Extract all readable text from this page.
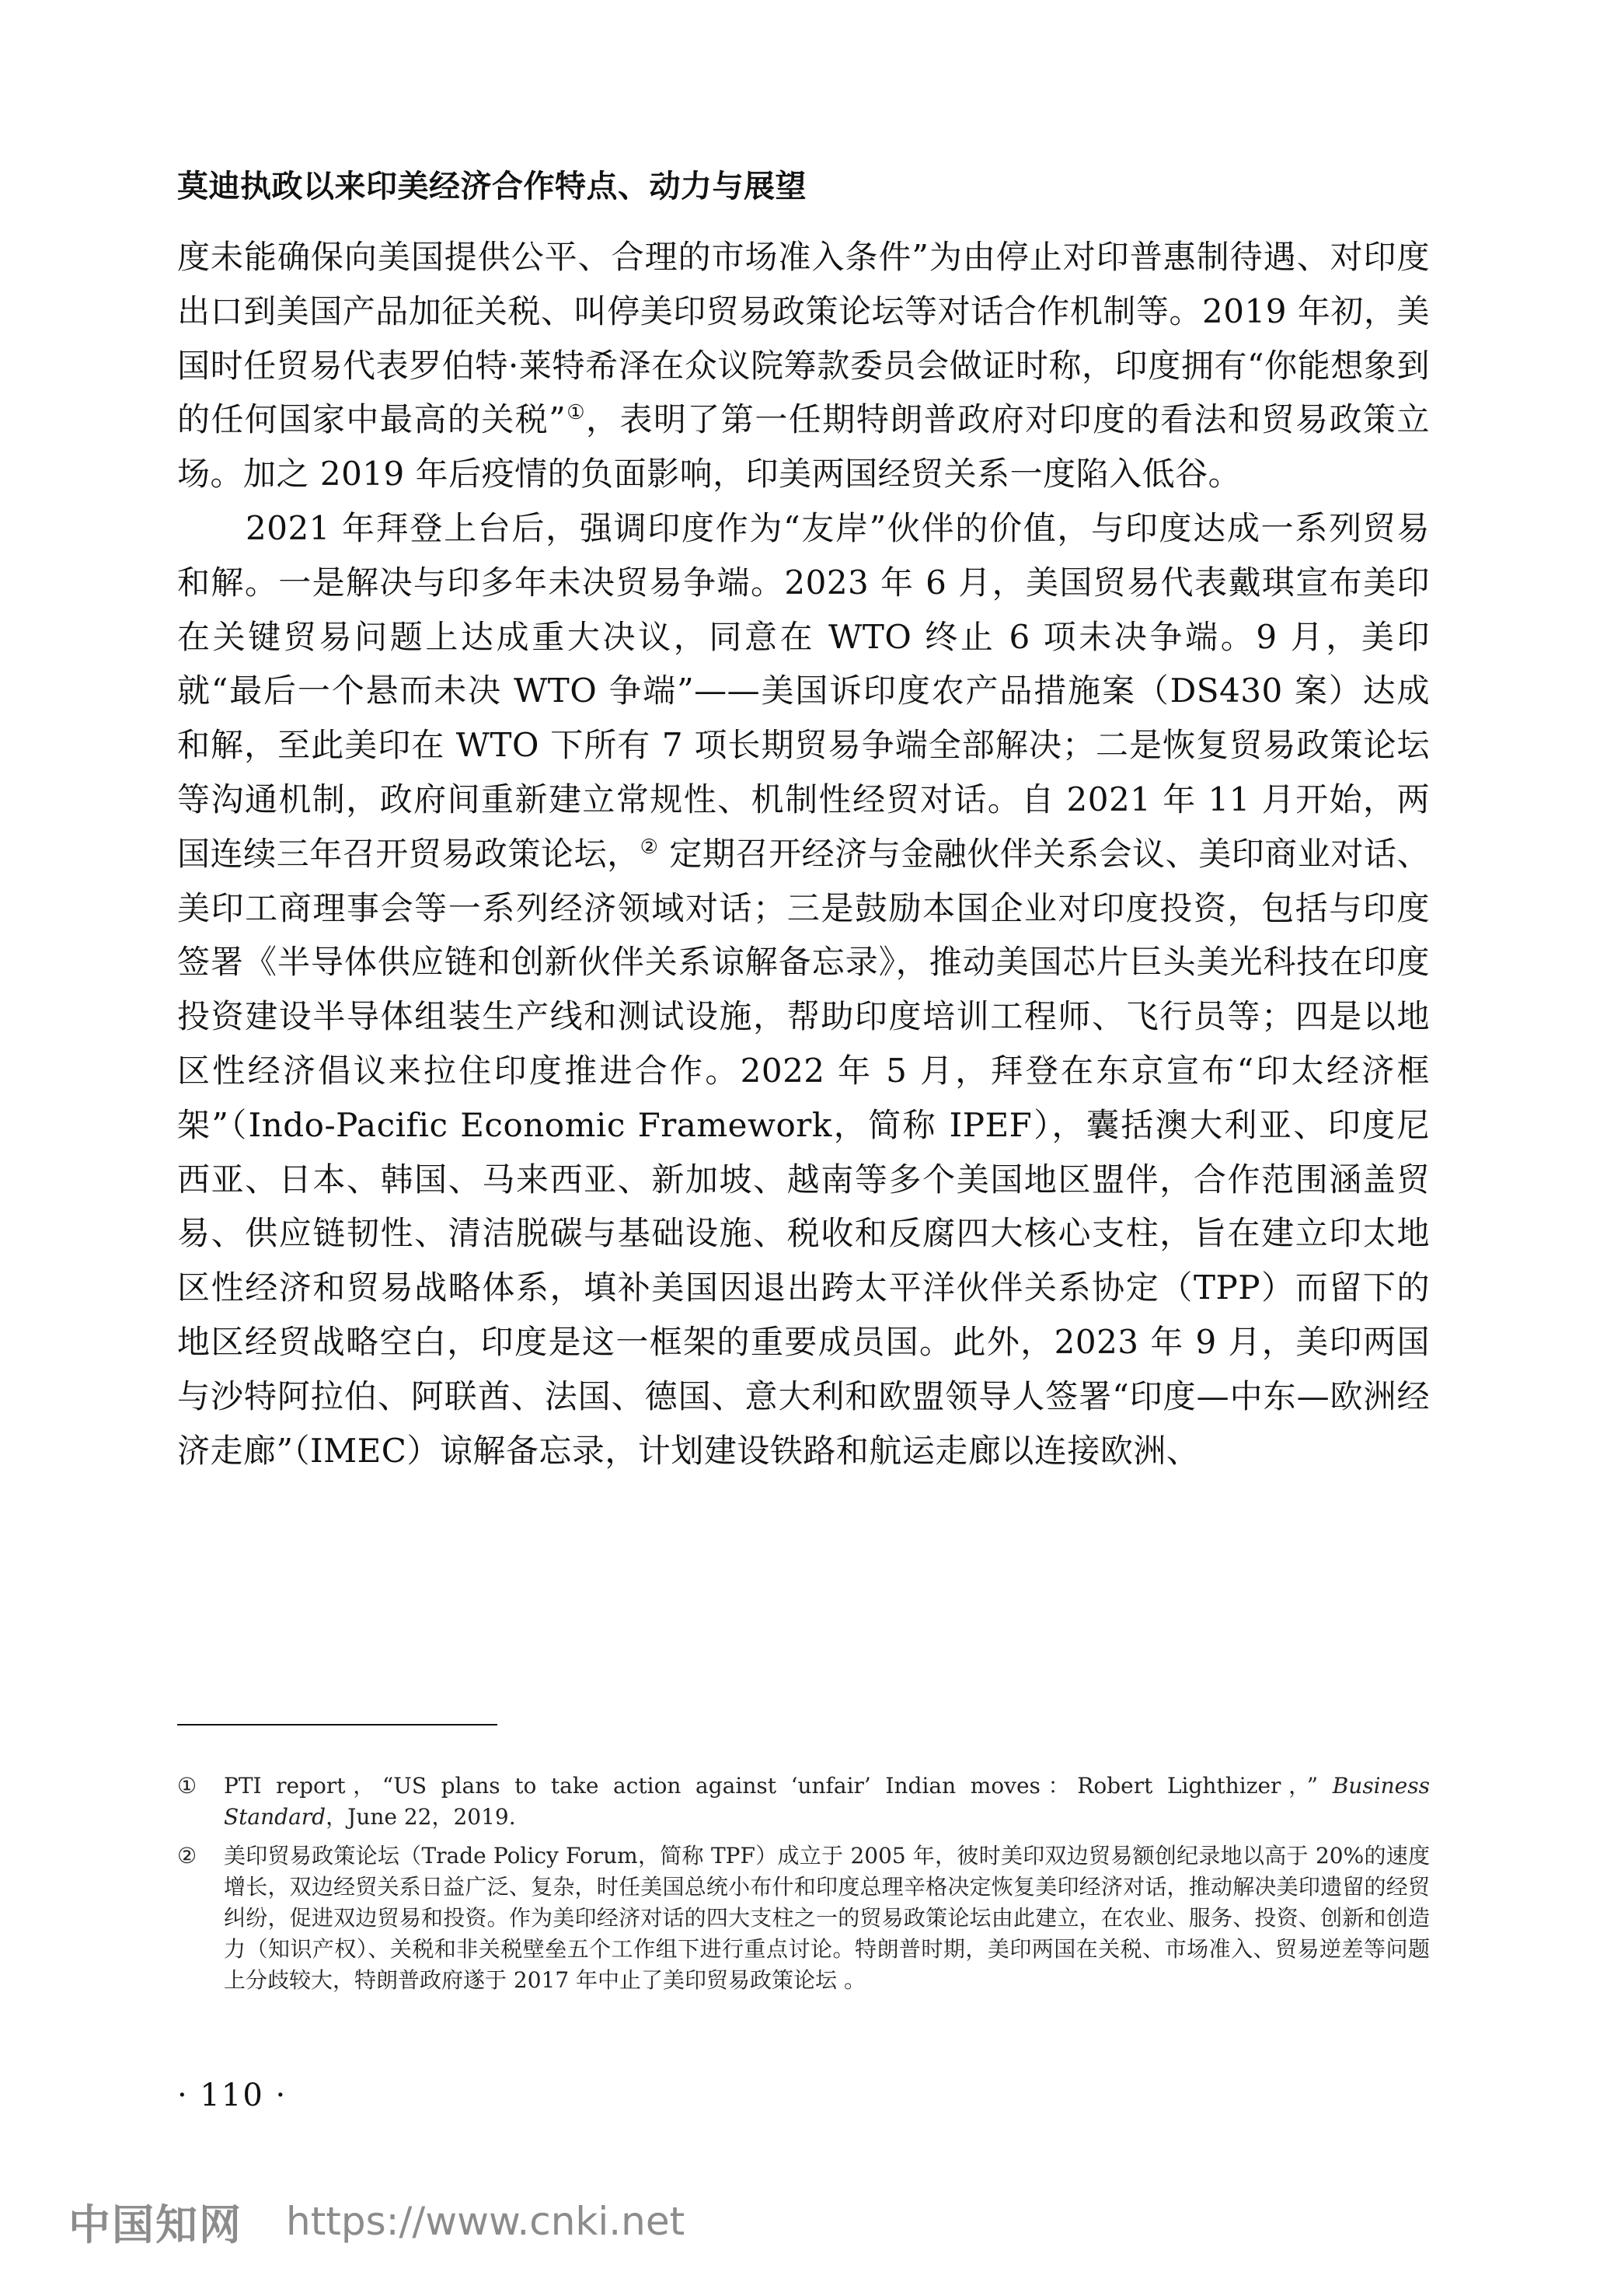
莫迪执政以来印美经济合作特点、动力与展望

度未能确保向美国提供公平、合理的市场准入条件”为由停止对印普惠制待遇、对印度出口到美国产品加征关税、叫停美印贸易政策论坛等对话合作机制等。2019 年初，美国时任贸易代表罗伯特·莱特希泽在众议院筹款委员会做证时称，印度拥有“你能想象到的任何国家中最高的关税”①，表明了第一任期特朗普政府对印度的看法和贸易政策立场。加之 2019 年后疫情的负面影响，印美两国经贸关系一度陷入低谷。

2021 年拜登上台后，强调印度作为“友岸”伙伴的价值，与印度达成一系列贸易和解。一是解决与印多年未决贸易争端。2023 年 6 月，美国贸易代表戴琪宣布美印在关键贸易问题上达成重大决议，同意在 WTO 终止 6 项未决争端。9 月，美印就“最后一个悬而未决 WTO 争端”——美国诉印度农产品措施案（DS430 案）达成和解，至此美印在 WTO 下所有 7 项长期贸易争端全部解决；二是恢复贸易政策论坛等沟通机制，政府间重新建立常规性、机制性经贸对话。自 2021 年 11 月开始，两国连续三年召开贸易政策论坛，② 定期召开经济与金融伙伴关系会议、美印商业对话、美印工商理事会等一系列经济领域对话；三是鼓励本国企业对印度投资，包括与印度签署《半导体供应链和创新伙伴关系谅解备忘录》，推动美国芯片巨头美光科技在印度投资建设半导体组装生产线和测试设施，帮助印度培训工程师、飞行员等；四是以地区性经济倡议来拉住印度推进合作。2022 年 5 月，拜登在东京宣布“印太经济框架”（Indo-Pacific Economic Framework，简称 IPEF），囊括澳大利亚、印度尼西亚、日本、韩国、马来西亚、新加坡、越南等多个美国地区盟伴，合作范围涵盖贸易、供应链韧性、清洁脱碳与基础设施、税收和反腐四大核心支柱，旨在建立印太地区性经济和贸易战略体系，填补美国因退出跨太平洋伙伴关系协定（TPP）而留下的地区经贸战略空白，印度是这一框架的重要成员国。此外，2023 年 9 月，美印两国与沙特阿拉伯、阿联酋、法国、德国、意大利和欧盟领导人签署“印度—中东—欧洲经济走廊”（IMEC）谅解备忘录，计划建设铁路和航运走廊以连接欧洲、

①	PTI report，“US plans to take action against ‘unfair’ Indian moves：Robert Lighthizer，” Business Standard，June 22，2019.
②	美印贸易政策论坛（Trade Policy Forum，简称 TPF）成立于 2005 年，彼时美印双边贸易额创纪录地以高于 20%的速度增长，双边经贸关系日益广泛、复杂，时任美国总统小布什和印度总理辛格决定恢复美印经济对话，推动解决美印遗留的经贸纠纷，促进双边贸易和投资。作为美印经济对话的四大支柱之一的贸易政策论坛由此建立，在农业、服务、投资、创新和创造力（知识产权）、关税和非关税壁垒五个工作组下进行重点讨论。特朗普时期，美印两国在关税、市场准入、贸易逆差等问题上分歧较大，特朗普政府遂于 2017 年中止了美印贸易政策论坛 。
· 110 ·
中国知网 https://www.cnki.net
